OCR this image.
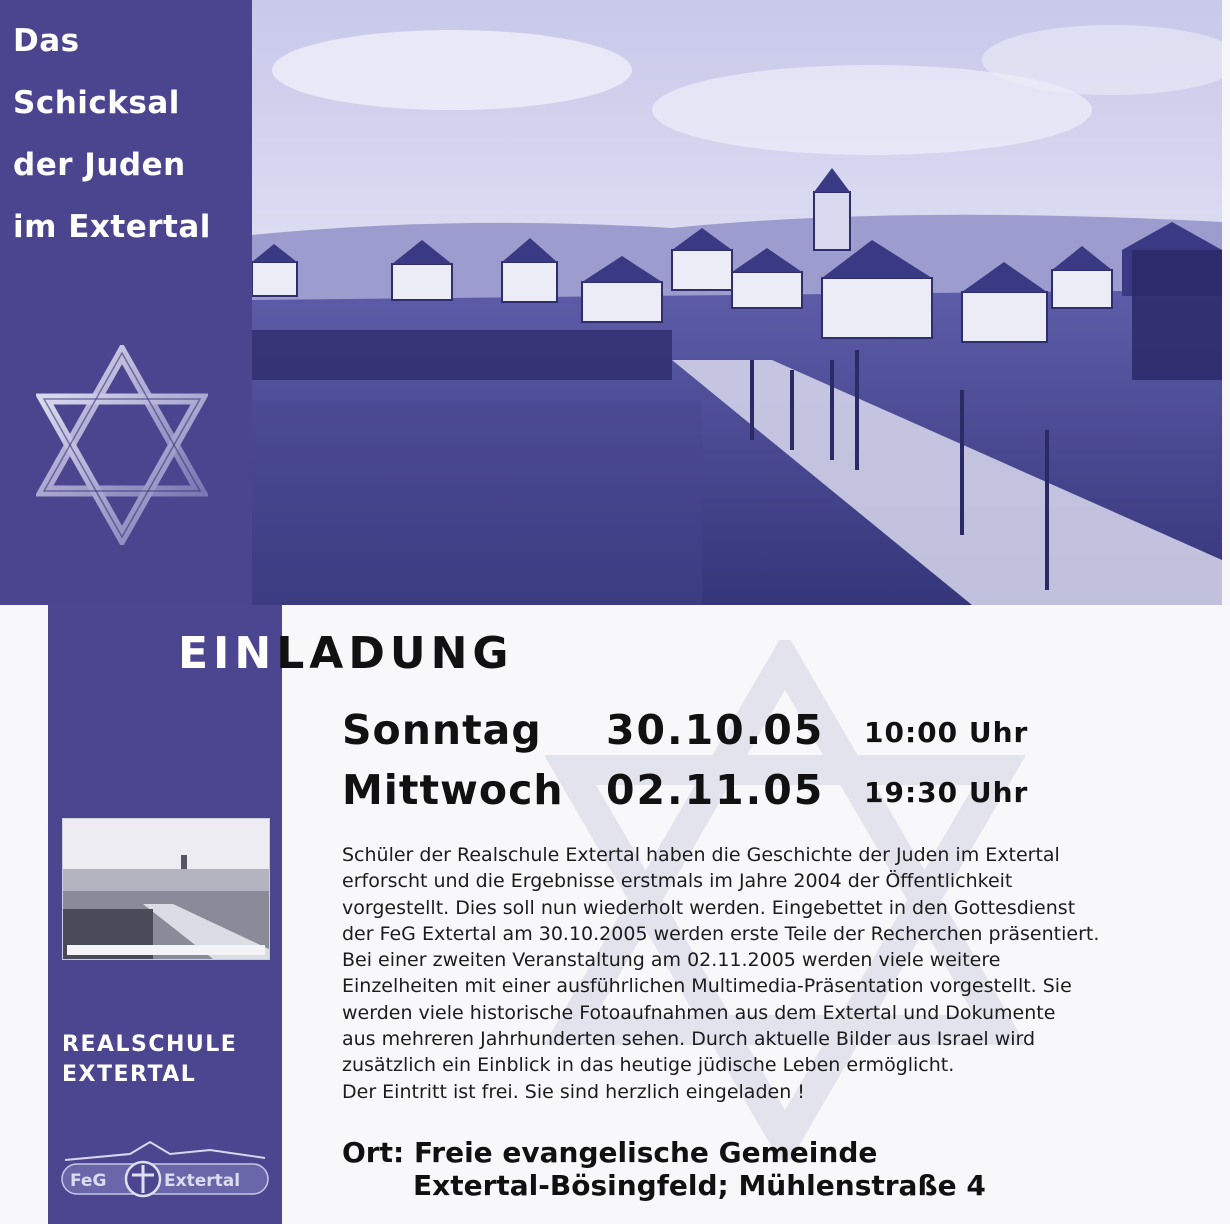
Das
Schicksal
der Juden
im Extertal
EINLADUNG
Sonntag 30.10.05 10:00 Uhr
Mittwoch 02.11.05 19:30 Uhr
Schüler der Realschule Extertal haben die Geschichte der Juden im Extertal
erforscht und die Ergebnisse erstmals im Jahre 2004 der Öffentlichkeit
vorgestellt. Dies soll nun wiederholt werden. Eingebettet in den Gottesdienst
der FeG Extertal am 30.10.2005 werden erste Teile der Recherchen präsentiert.
Bei einer zweiten Veranstaltung am 02.11.2005 werden viele weitere
Einzelheiten mit einer ausführlichen Multimedia-Präsentation vorgestellt. Sie
werden viele historische Fotoaufnahmen aus dem Extertal und Dokumente
aus mehreren Jahrhunderten sehen. Durch aktuelle Bilder aus Israel wird
zusätzlich ein Einblick in das heutige jüdische Leben ermöglicht.
Der Eintritt ist frei. Sie sind herzlich eingeladen !
Ort: Freie evangelische Gemeinde
Extertal-Bösingfeld; Mühlenstraße 4
REALSCHULE
EXTERTAL
FeG	Extertal
